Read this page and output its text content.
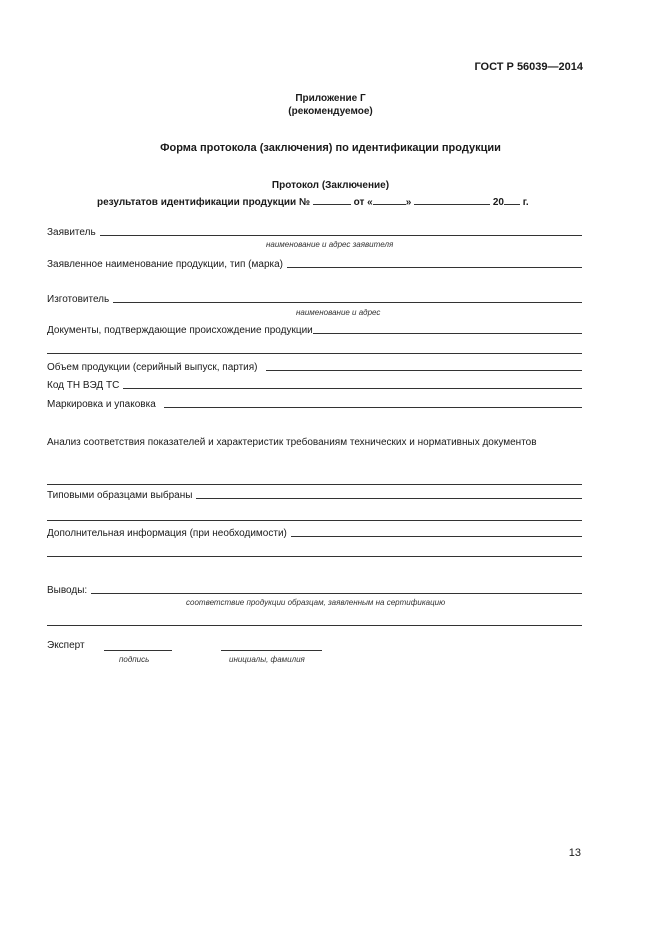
ГОСТ Р 56039—2014
Приложение Г
(рекомендуемое)
Форма протокола (заключения) по идентификации продукции
Протокол (Заключение)
результатов идентификации продукции №	от «	»	20 г.
Заявитель
наименование и адрес заявителя
Заявленное наименование продукции, тип (марка)
Изготовитель
наименование и адрес
Документы, подтверждающие происхождение продукции
Объем продукции (серийный выпуск, партия)
Код ТН ВЭД ТС
Маркировка и упаковка
Анализ соответствия показателей и характеристик требованиям технических и нормативных документов
Типовыми образцами выбраны
Дополнительная информация (при необходимости)
Выводы:
соответствие продукции образцам, заявленным на сертификацию
Эксперт
подпись	инициалы, фамилия
13
